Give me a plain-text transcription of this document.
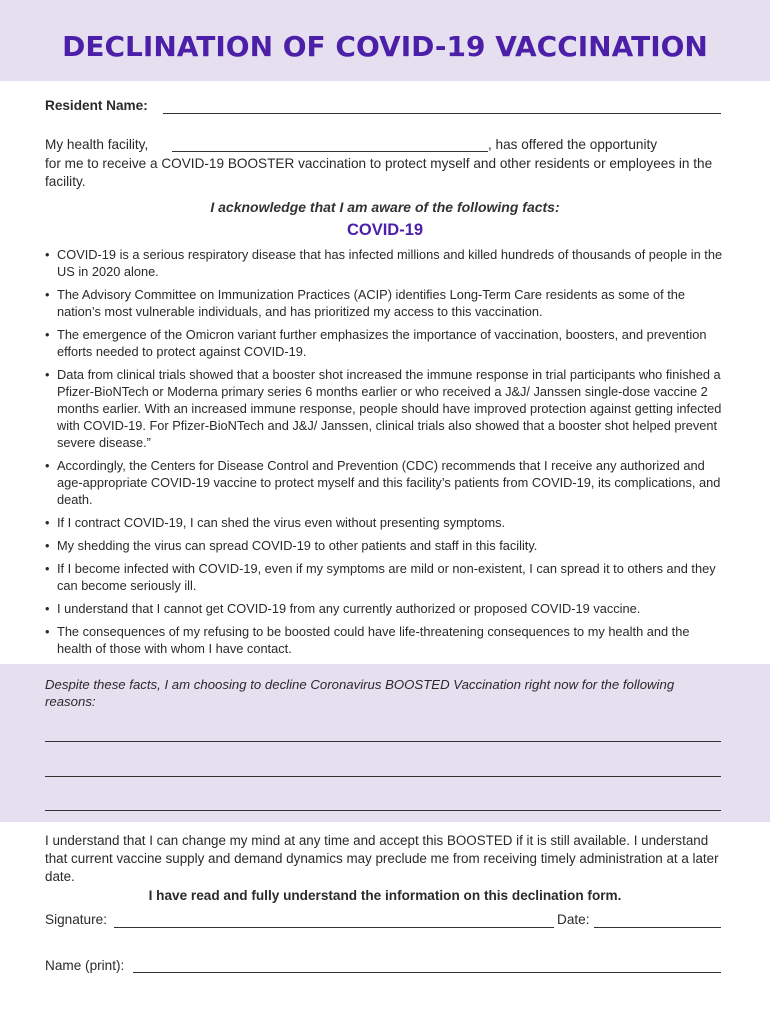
DECLINATION OF COVID-19 VACCINATION
Resident Name:
My health facility,	, has offered the opportunity
for me to receive a COVID-19 BOOSTER vaccination to protect myself and other residents or employees in the facility.
I acknowledge that I am aware of the following facts:
COVID-19
• COVID-19 is a serious respiratory disease that has infected millions and killed hundreds of thousands of people in the US in 2020 alone.
• The Advisory Committee on Immunization Practices (ACIP) identifies Long-Term Care residents as some of the nation’s most vulnerable individuals, and has prioritized my access to this vaccination.
• The emergence of the Omicron variant further emphasizes the importance of vaccination, boosters, and prevention efforts needed to protect against COVID-19.
• Data from clinical trials showed that a booster shot increased the immune response in trial participants who finished a Pfizer-BioNTech or Moderna primary series 6 months earlier or who received a J&J/ Janssen single-dose vaccine 2 months earlier. With an increased immune response, people should have improved protection against getting infected with COVID-19. For Pfizer-BioNTech and J&J/ Janssen, clinical trials also showed that a booster shot helped prevent severe disease.”
• Accordingly, the Centers for Disease Control and Prevention (CDC) recommends that I receive any authorized and age-appropriate COVID-19 vaccine to protect myself and this facility’s patients from COVID-19, its complications, and death.
• If I contract COVID-19, I can shed the virus even without presenting symptoms.
• My shedding the virus can spread COVID-19 to other patients and staff in this facility.
• If I become infected with COVID-19, even if my symptoms are mild or non-existent, I can spread it to others and they can become seriously ill.
• I understand that I cannot get COVID-19 from any currently authorized or proposed COVID-19 vaccine.
• The consequences of my refusing to be boosted could have life-threatening consequences to my health and the health of those with whom I have contact.
Despite these facts, I am choosing to decline Coronavirus BOOSTED Vaccination right now for the following reasons:
I understand that I can change my mind at any time and accept this BOOSTED if it is still available. I understand that current vaccine supply and demand dynamics may preclude me from receiving timely administration at a later date.
I have read and fully understand the information on this declination form.
Signature:	Date:
Name (print):
